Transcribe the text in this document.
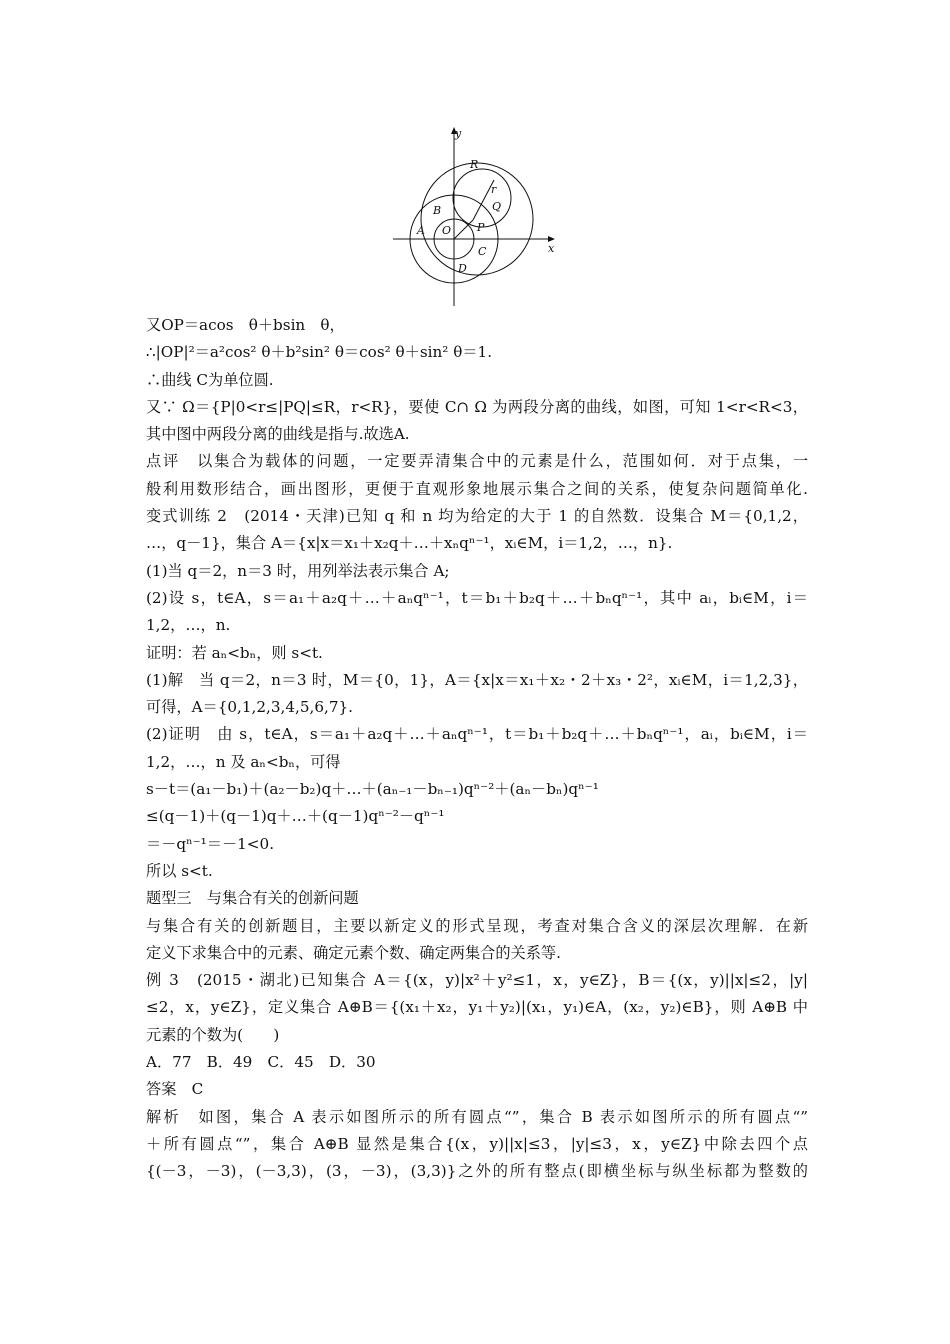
y
x
R
r
Q
B
P
A O
C
D
又OP＝acos　θ＋bsin　θ，
∴|OP|²＝a²cos² θ＋b²sin² θ＝cos² θ＋sin² θ＝1.
∴曲线 C为单位圆.
又∵ Ω＝{P|0<r≤|PQ|≤R，r<R}，要使 C∩ Ω 为两段分离的曲线，如图，可知 1<r<R<3，
其中图中两段分离的曲线是指与.故选A.
点评　以集合为载体的问题，一定要弄清集合中的元素是什么，范围如何．对于点集，一
般利用数形结合，画出图形，更便于直观形象地展示集合之间的关系，使复杂问题简单化.
变式训练 2　(2014・天津)已知 q 和 n 均为给定的大于 1 的自然数．设集合 M＝{0,1,2，
…，q－1}，集合 A＝{x|x＝x₁＋x₂q＋…＋xₙqⁿ⁻¹，xᵢ∈M，i＝1,2，…，n}.
(1)当 q＝2，n＝3 时，用列举法表示集合 A;
(2)设 s，t∈A，s＝a₁＋a₂q＋…＋aₙqⁿ⁻¹，t＝b₁＋b₂q＋…＋bₙqⁿ⁻¹，其中 aᵢ，bᵢ∈M，i＝
1,2，…，n.
证明：若 aₙ<bₙ，则 s<t.
(1)解　当 q＝2，n＝3 时，M＝{0，1}，A＝{x|x＝x₁＋x₂・2＋x₃・2²，xᵢ∈M，i＝1,2,3}，
可得，A＝{0,1,2,3,4,5,6,7}.
(2)证明　由 s，t∈A，s＝a₁＋a₂q＋…＋aₙqⁿ⁻¹，t＝b₁＋b₂q＋…＋bₙqⁿ⁻¹，aᵢ，bᵢ∈M，i＝
1,2，…，n 及 aₙ<bₙ，可得
s－t＝(a₁－b₁)＋(a₂－b₂)q＋…＋(aₙ₋₁－bₙ₋₁)qⁿ⁻²＋(aₙ－bₙ)qⁿ⁻¹
≤(q－1)＋(q－1)q＋…＋(q－1)qⁿ⁻²－qⁿ⁻¹
＝－qⁿ⁻¹＝－1<0.
所以 s<t.
题型三　与集合有关的创新问题
与集合有关的创新题目，主要以新定义的形式呈现，考查对集合含义的深层次理解．在新
定义下求集合中的元素、确定元素个数、确定两集合的关系等.
例 3　(2015・湖北)已知集合 A＝{(x，y)|x²＋y²≤1，x，y∈Z}，B＝{(x，y)||x|≤2，|y|
≤2，x，y∈Z}，定义集合 A⊕B＝{(x₁＋x₂，y₁＋y₂)|(x₁，y₁)∈A，(x₂，y₂)∈B}，则 A⊕B 中
元素的个数为(　　)
A．77　B．49　C．45　D．30
答案　C
解析　如图，集合 A 表示如图所示的所有圆点“”，集合 B 表示如图所示的所有圆点“”
＋所有圆点“”，集合 A⊕B 显然是集合{(x，y)||x|≤3，|y|≤3，x，y∈Z}中除去四个点
{(－3，－3)，(－3,3)，(3，－3)，(3,3)}之外的所有整点(即横坐标与纵坐标都为整数的
